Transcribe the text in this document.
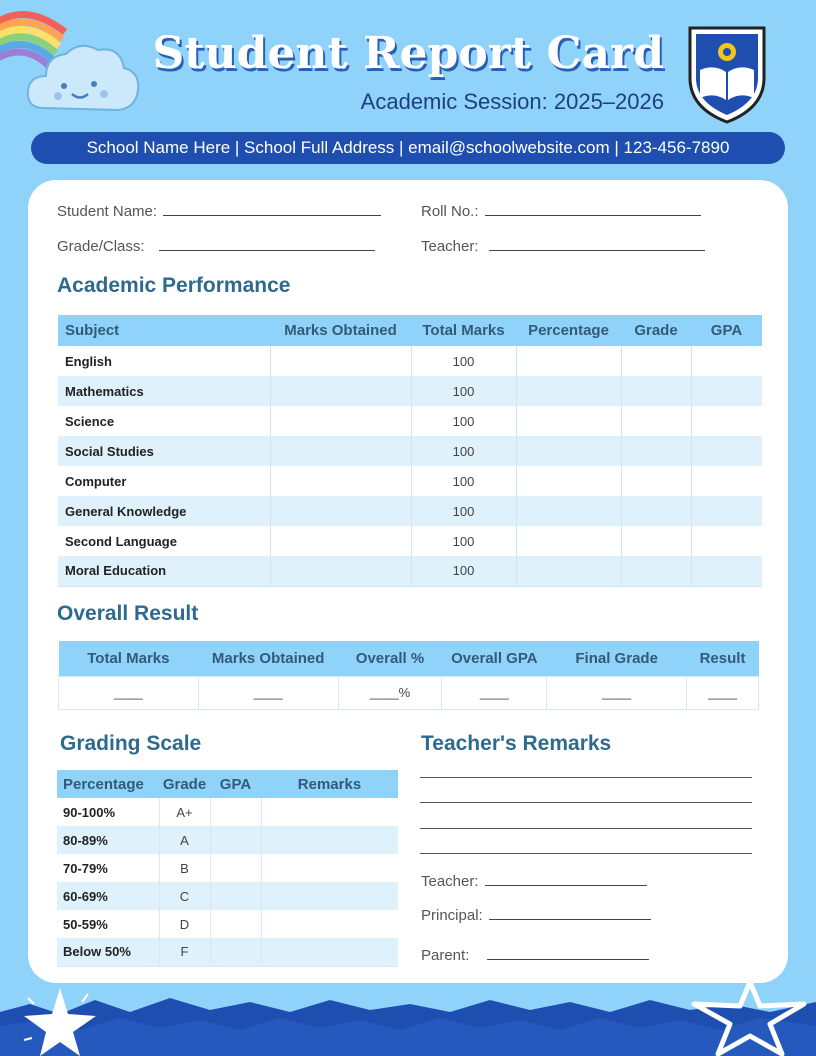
Student Report Card
Academic Session: 2025–2026
School Name Here | School Full Address | email@schoolwebsite.com | 123-456-7890
Student Name:	Roll No.:
Grade/Class:	Teacher:
Academic Performance
Subject	Marks Obtained	Total Marks	Percentage	Grade	GPA
English		100			
Mathematics		100			
Science		100			
Social Studies		100			
Computer		100			
General Knowledge		100			
Second Language		100			
Moral Education		100			
Overall Result
Total Marks	Marks Obtained	Overall %	Overall GPA	Final Grade	Result
____	____	____%	____	____	____
Grading Scale
Percentage	Grade	GPA	Remarks
90-100%	A+		
80-89%	A		
70-79%	B		
60-69%	C		
50-59%	D		
Below 50%	F		
Teacher's Remarks
Teacher:
Principal:
Parent:
